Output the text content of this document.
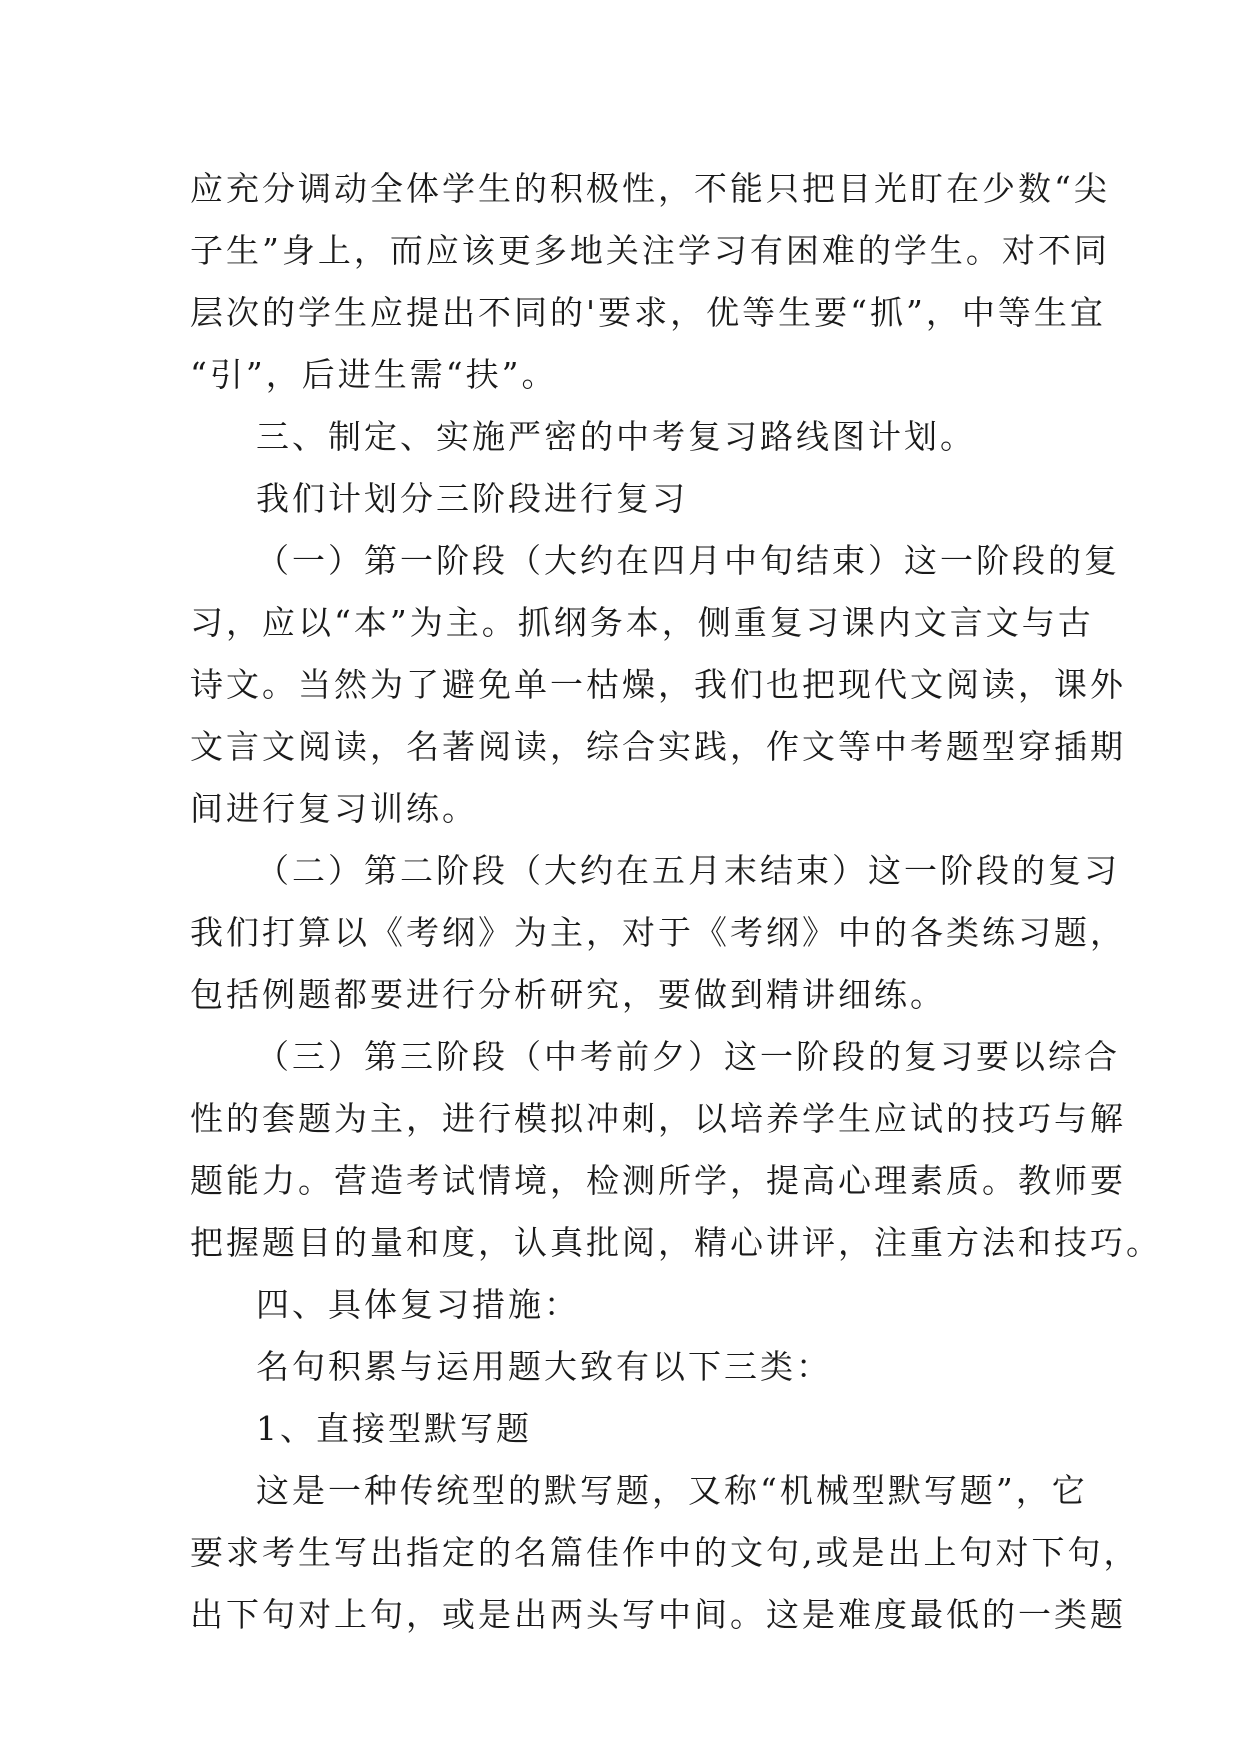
应充分调动全体学生的积极性，不能只把目光盯在少数“尖
子生”身上，而应该更多地关注学习有困难的学生。对不同
层次的学生应提出不同的'要求，优等生要“抓”，中等生宜
“引”，后进生需“扶”。
三、制定、实施严密的中考复习路线图计划。
我们计划分三阶段进行复习
（一）第一阶段（大约在四月中旬结束）这一阶段的复
习，应以“本”为主。抓纲务本，侧重复习课内文言文与古
诗文。当然为了避免单一枯燥，我们也把现代文阅读，课外
文言文阅读，名著阅读，综合实践，作文等中考题型穿插期
间进行复习训练。
（二）第二阶段（大约在五月末结束）这一阶段的复习
我们打算以《考纲》为主，对于《考纲》中的各类练习题，
包括例题都要进行分析研究，要做到精讲细练。
（三）第三阶段（中考前夕）这一阶段的复习要以综合
性的套题为主，进行模拟冲刺，以培养学生应试的技巧与解
题能力。营造考试情境，检测所学，提高心理素质。教师要
把握题目的量和度，认真批阅，精心讲评，注重方法和技巧。
四、具体复习措施：
名句积累与运用题大致有以下三类：
1、直接型默写题
这是一种传统型的默写题，又称“机械型默写题”，它
要求考生写出指定的名篇佳作中的文句,或是出上句对下句，
出下句对上句，或是出两头写中间。这是难度最低的一类题
